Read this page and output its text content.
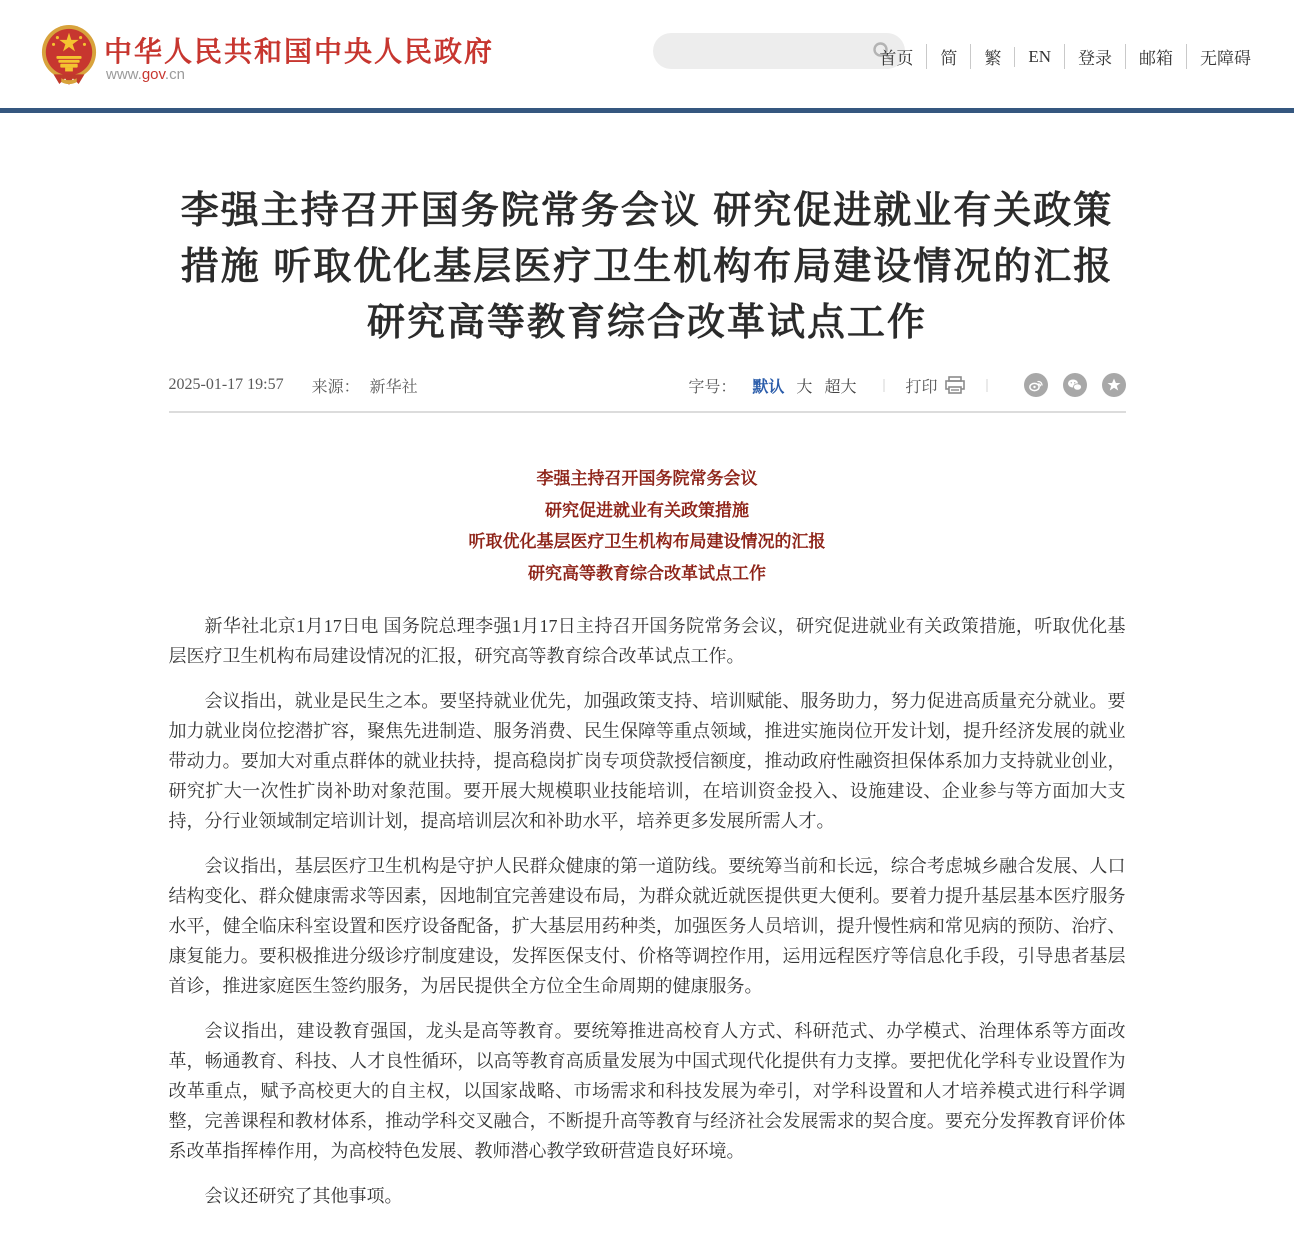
中华人民共和国中央人民政府
www.gov.cn
首页	简	繁	EN	登录	邮箱	无障碍
李强主持召开国务院常务会议 研究促进就业有关政策措施 听取优化基层医疗卫生机构布局建设情况的汇报 研究高等教育综合改革试点工作
2025-01-17 19:57 来源： 新华社	字号： 默认 大 超大 | 打印	|
李强主持召开国务院常务会议
研究促进就业有关政策措施
听取优化基层医疗卫生机构布局建设情况的汇报
研究高等教育综合改革试点工作

新华社北京1月17日电 国务院总理李强1月17日主持召开国务院常务会议，研究促进就业有关政策措施，听取优化基层医疗卫生机构布局建设情况的汇报，研究高等教育综合改革试点工作。

会议指出，就业是民生之本。要坚持就业优先，加强政策支持、培训赋能、服务助力，努力促进高质量充分就业。要加力就业岗位挖潜扩容，聚焦先进制造、服务消费、民生保障等重点领域，推进实施岗位开发计划，提升经济发展的就业带动力。要加大对重点群体的就业扶持，提高稳岗扩岗专项贷款授信额度，推动政府性融资担保体系加力支持就业创业，研究扩大一次性扩岗补助对象范围。要开展大规模职业技能培训，在培训资金投入、设施建设、企业参与等方面加大支持，分行业领域制定培训计划，提高培训层次和补助水平，培养更多发展所需人才。

会议指出，基层医疗卫生机构是守护人民群众健康的第一道防线。要统筹当前和长远，综合考虑城乡融合发展、人口结构变化、群众健康需求等因素，因地制宜完善建设布局，为群众就近就医提供更大便利。要着力提升基层基本医疗服务水平，健全临床科室设置和医疗设备配备，扩大基层用药种类，加强医务人员培训，提升慢性病和常见病的预防、治疗、康复能力。要积极推进分级诊疗制度建设，发挥医保支付、价格等调控作用，运用远程医疗等信息化手段，引导患者基层首诊，推进家庭医生签约服务，为居民提供全方位全生命周期的健康服务。

会议指出，建设教育强国，龙头是高等教育。要统筹推进高校育人方式、科研范式、办学模式、治理体系等方面改革，畅通教育、科技、人才良性循环，以高等教育高质量发展为中国式现代化提供有力支撑。要把优化学科专业设置作为改革重点，赋予高校更大的自主权，以国家战略、市场需求和科技发展为牵引，对学科设置和人才培养模式进行科学调整，完善课程和教材体系，推动学科交叉融合，不断提升高等教育与经济社会发展需求的契合度。要充分发挥教育评价体系改革指挥棒作用，为高校特色发展、教师潜心教学致研营造良好环境。

会议还研究了其他事项。
